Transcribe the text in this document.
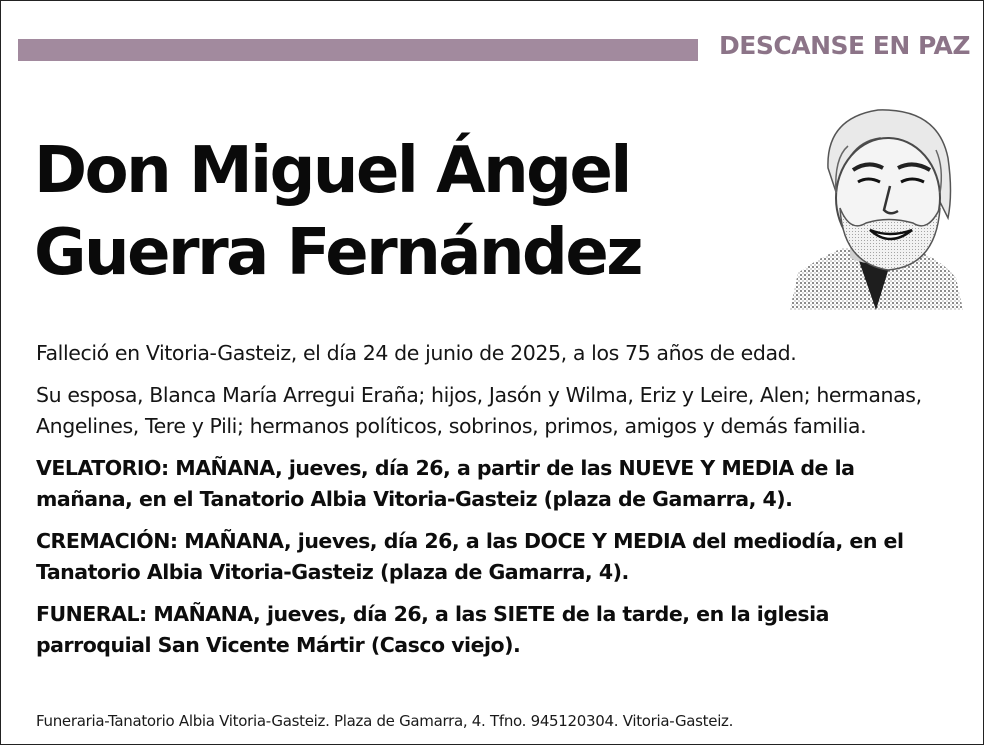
DESCANSE EN PAZ
Don Miguel Ángel
Guerra Fernández

Falleció en Vitoria-Gasteiz, el día 24 de junio de 2025, a los 75 años de edad.

Su esposa, Blanca María Arregui Eraña; hijos, Jasón y Wilma, Eriz y Leire, Alen; hermanas, Angelines, Tere y Pili; hermanos políticos, sobrinos, primos, amigos y demás familia.

VELATORIO: MAÑANA, jueves, día 26, a partir de las NUEVE Y MEDIA de la mañana, en el Tanatorio Albia Vitoria-Gasteiz (plaza de Gamarra, 4).

CREMACIÓN: MAÑANA, jueves, día 26, a las DOCE Y MEDIA del mediodía, en el Tanatorio Albia Vitoria-Gasteiz (plaza de Gamarra, 4).

FUNERAL: MAÑANA, jueves, día 26, a las SIETE de la tarde, en la iglesia parroquial San Vicente Mártir (Casco viejo).

Funeraria-Tanatorio Albia Vitoria-Gasteiz. Plaza de Gamarra, 4. Tfno. 945120304. Vitoria-Gasteiz.
